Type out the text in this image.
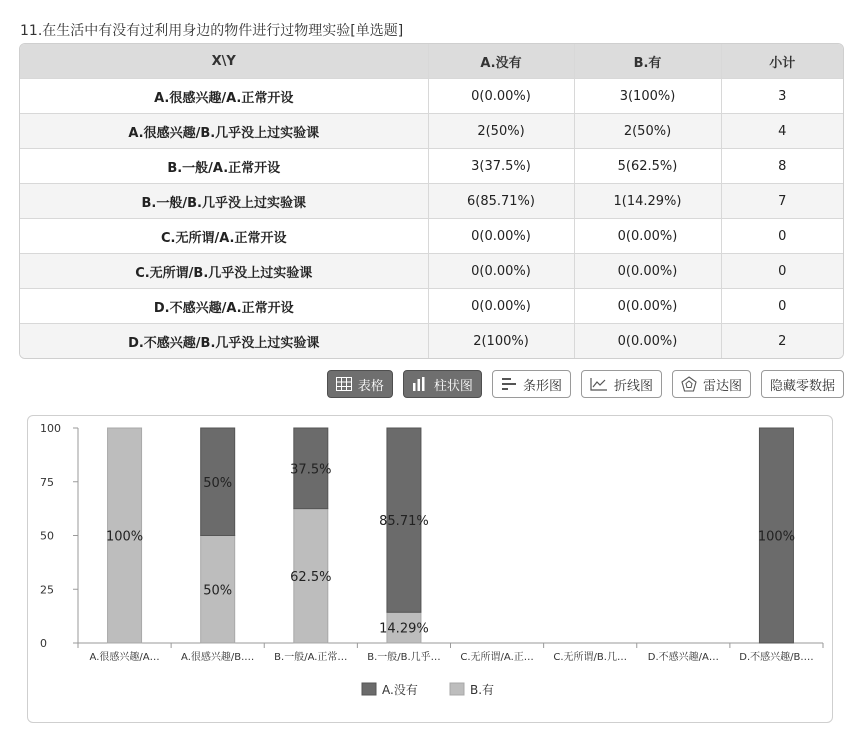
11.在生活中有没有过利用身边的物件进行过物理实验[单选题]
X\Y	A.没有	B.有	小计
A.很感兴趣/A.正常开设	0(0.00%)	3(100%)	3
A.很感兴趣/B.几乎没上过实验课	2(50%)	2(50%)	4
B.一般/A.正常开设	3(37.5%)	5(62.5%)	8
B.一般/B.几乎没上过实验课	6(85.71%)	1(14.29%)	7
C.无所谓/A.正常开设	0(0.00%)	0(0.00%)	0
C.无所谓/B.几乎没上过实验课	0(0.00%)	0(0.00%)	0
D.不感兴趣/A.正常开设	0(0.00%)	0(0.00%)	0
D.不感兴趣/B.几乎没上过实验课	2(100%)	0(0.00%)	2
表格	柱状图	条形图	折线图	雷达图 隐藏零数据
0
25
50
75
100
A.很感兴趣/A… A.很感兴趣/B.… B.一般/A.正常… B.一般/B.几乎… C.无所谓/A.正… C.无所谓/B.几… D.不感兴趣/A… D.不感兴趣/B.…
100%
50%
50%
62.5%
37.5%
14.29%
85.71%
100%
A.没有	B.有
